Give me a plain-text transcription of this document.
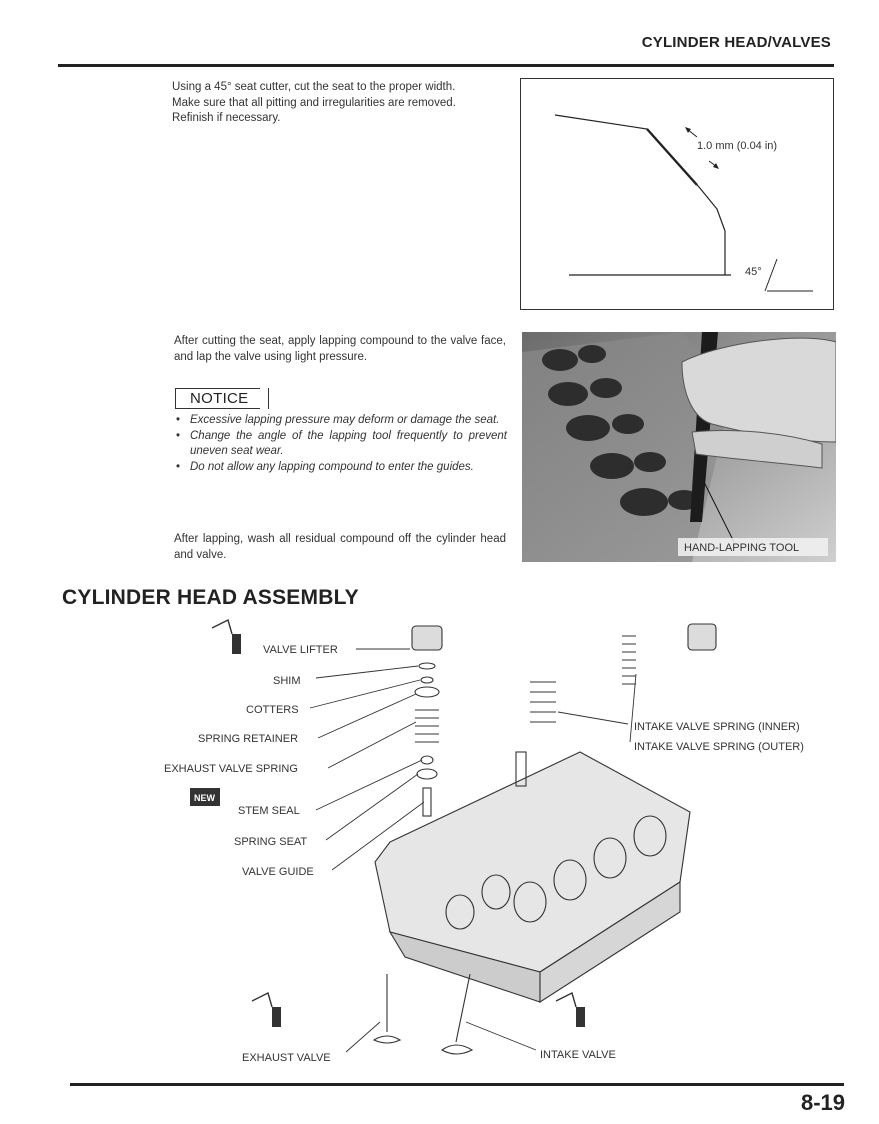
CYLINDER HEAD/VALVES

Using a 45° seat cutter, cut the seat to the proper width.

Make sure that all pitting and irregularities are removed.

Refinish if necessary.

1.0 mm (0.04 in)
45°
After cutting the seat, apply lapping compound to the valve face, and lap the valve using light pressure.
NOTICE
• Excessive lapping pressure may deform or damage the seat.
• Change the angle of the lapping tool frequently to prevent uneven seat wear.
• Do not allow any lapping compound to enter the guides.
After lapping, wash all residual compound off the cylinder head and valve.
HAND-LAPPING TOOL
CYLINDER HEAD ASSEMBLY
VALVE LIFTER
SHIM
COTTERS
SPRING RETAINER
EXHAUST VALVE SPRING
STEM SEAL
SPRING SEAT
VALVE GUIDE
INTAKE VALVE SPRING (INNER)
INTAKE VALVE SPRING (OUTER)
EXHAUST VALVE	INTAKE VALVE
NEW
8-19
